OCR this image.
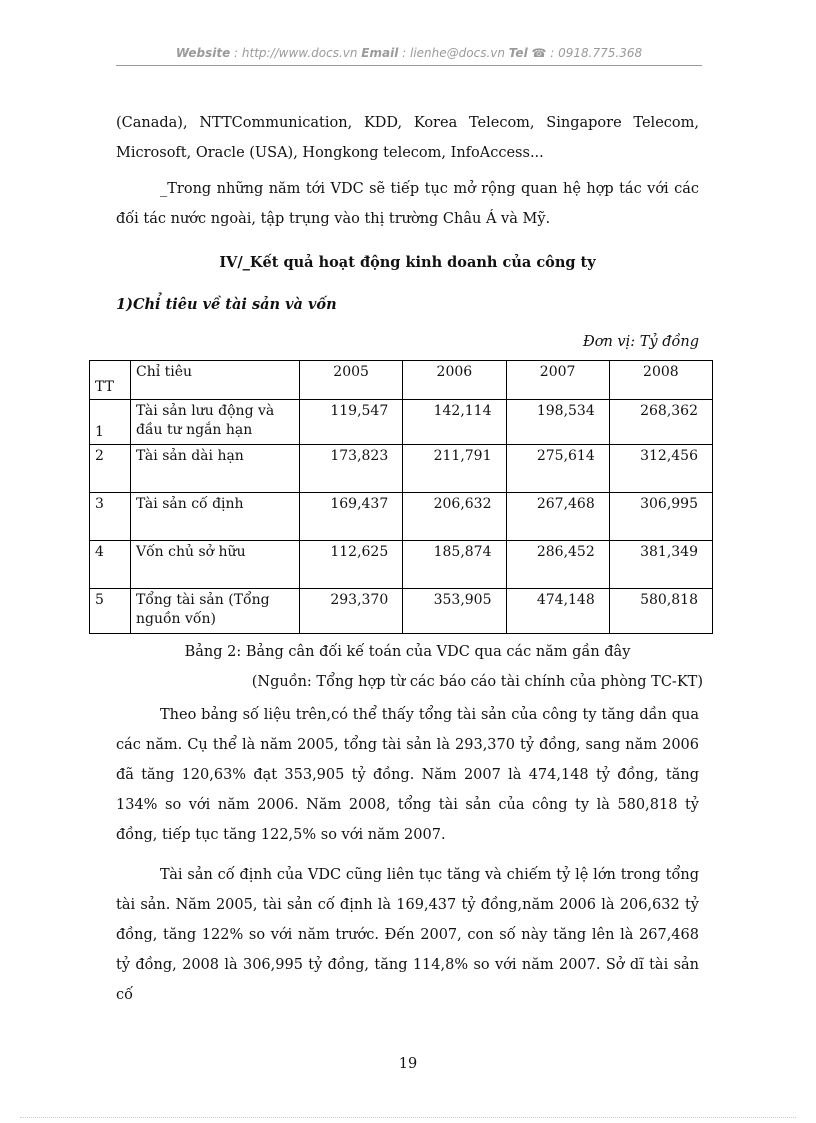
Website : http://www.docs.vn Email : lienhe@docs.vn Tel ☎ : 0918.775.368

(Canada), NTTCommunication, KDD, Korea Telecom, Singapore Telecom, Microsoft, Oracle (USA), Hongkong telecom, InfoAccess...

_Trong những năm tới VDC sẽ tiếp tục mở rộng quan hệ hợp tác với các đối tác nước ngoài, tập trụng vào thị trường Châu Á và Mỹ.

IV/_Kết quả hoạt động kinh doanh của công ty

1)Chỉ tiêu về tài sản và vốn

Đơn vị: Tỷ đồng

TT	Chỉ tiêu	2005	2006	2007	2008
1	Tài sản lưu động và đầu tư ngắn hạn	119,547	142,114	198,534	268,362
2	Tài sản dài hạn	173,823	211,791	275,614	312,456
3	Tài sản cố định	169,437	206,632	267,468	306,995
4	Vốn chủ sở hữu	112,625	185,874	286,452	381,349
5	Tổng tài sản (Tổng nguồn vốn)	293,370	353,905	474,148	580,818

Bảng 2: Bảng cân đối kế toán của VDC qua các năm gần đây

(Nguồn: Tổng hợp từ các báo cáo tài chính của phòng TC-KT)

Theo bảng số liệu trên,có thể thấy tổng tài sản của công ty tăng dần qua các năm. Cụ thể là năm 2005, tổng tài sản là 293,370 tỷ đồng, sang năm 2006 đã tăng 120,63% đạt 353,905 tỷ đồng. Năm 2007 là 474,148 tỷ đồng, tăng 134% so với năm 2006. Năm 2008, tổng tài sản của công ty là 580,818 tỷ đồng, tiếp tục tăng 122,5% so với năm 2007.

Tài sản cố định của VDC cũng liên tục tăng và chiếm tỷ lệ lớn trong tổng tài sản. Năm 2005, tài sản cố định là 169,437 tỷ đồng,năm 2006 là 206,632 tỷ đồng, tăng 122% so với năm trước. Đến 2007, con số này tăng lên là 267,468 tỷ đồng, 2008 là 306,995 tỷ đồng, tăng 114,8% so với năm 2007. Sở dĩ tài sản cố

19
